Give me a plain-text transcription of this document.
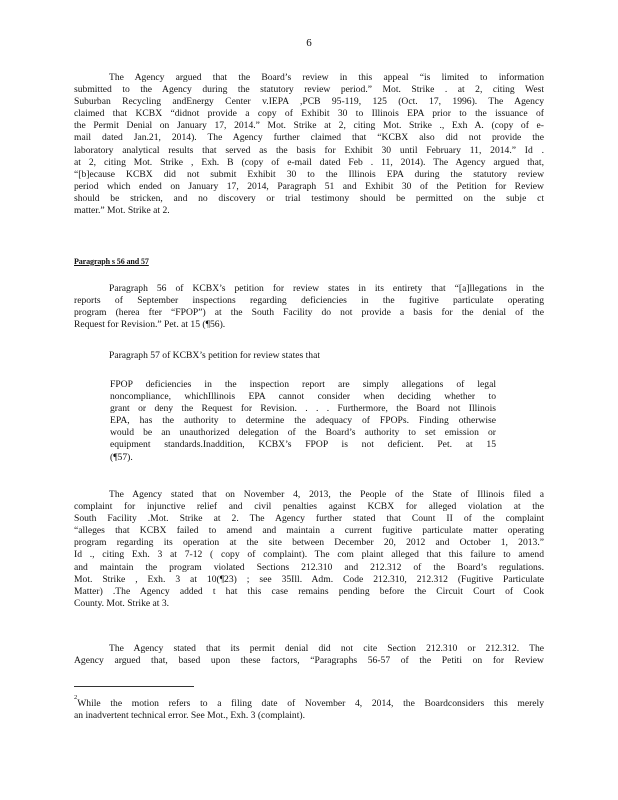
6
The Agency argued that the Board’s review in this appeal “is limited to information
submitted to the Agency during the statutory review period.” Mot. Strike . at 2, citing West
Suburban Recycling andEnergy Center v.IEPA ,PCB 95-119, 125 (Oct. 17, 1996). The Agency
claimed that KCBX “didnot provide a copy of Exhibit 30 to Illinois EPA prior to the issuance of
the Permit Denial on January 17, 2014.” Mot. Strike at 2, citing Mot. Strike ., Exh A. (copy of e-
mail dated Jan.21, 2014). The Agency further claimed that “KCBX also did not provide the
laboratory analytical results that served as the basis for Exhibit 30 until February 11, 2014.” Id .
at 2, citing Mot. Strike , Exh. B (copy of e-mail dated Feb . 11, 2014). The Agency argued that,
“[b]ecause KCBX did not submit Exhibit 30 to the Illinois EPA during the statutory review
period which ended on January 17, 2014, Paragraph 51 and Exhibit 30 of the Petition for Review
should be stricken, and no discovery or trial testimony should be permitted on the subje ct
matter.” Mot. Strike at 2.
Paragraph s 56 and 57
Paragraph 56 of KCBX’s petition for review states in its entirety that “[a]llegations in the
reports of September inspections regarding deficiencies in the fugitive particulate operating
program (herea fter “FPOP”) at the South Facility do not provide a basis for the denial of the
Request for Revision.” Pet. at 15 (¶56).
Paragraph 57 of KCBX’s petition for review states that
FPOP deficiencies in the inspection report are simply allegations of legal
noncompliance, whichIllinois EPA cannot consider when deciding whether to
grant or deny the Request for Revision. . . . Furthermore, the Board not Illinois
EPA, has the authority to determine the adequacy of FPOPs. Finding otherwise
would be an unauthorized delegation of the Board’s authority to set emission or
equipment standards.Inaddition, KCBX’s FPOP is not deficient. Pet. at 15
(¶57).
The Agency stated that on November 4, 2013, the People of the State of Illinois filed a
complaint for injunctive relief and civil penalties against KCBX for alleged violation at the
South Facility .Mot. Strike at 2. The Agency further stated that Count II of the complaint
“alleges that KCBX failed to amend and maintain a current fugitive particulate matter operating
program regarding its operation at the site between December 20, 2012 and October 1, 2013.”
Id ., citing Exh. 3 at 7-12 ( copy of complaint). The com plaint alleged that this failure to amend
and maintain the program violated Sections 212.310 and 212.312 of the Board’s regulations.
Mot. Strike , Exh. 3 at 10(¶23) ; see 35Ill. Adm. Code 212.310, 212.312 (Fugitive Particulate
Matter) .The Agency added t hat this case remains pending before the Circuit Court of Cook
County. Mot. Strike at 3.
The Agency stated that its permit denial did not cite Section 212.310 or 212.312. The
Agency argued that, based upon these factors, “Paragraphs 56-57 of the Petiti on for Review
$^2$While the motion refers to a filing date of November 4, 2014, the Boardconsiders this merely
an inadvertent technical error. See Mot., Exh. 3 (complaint).
